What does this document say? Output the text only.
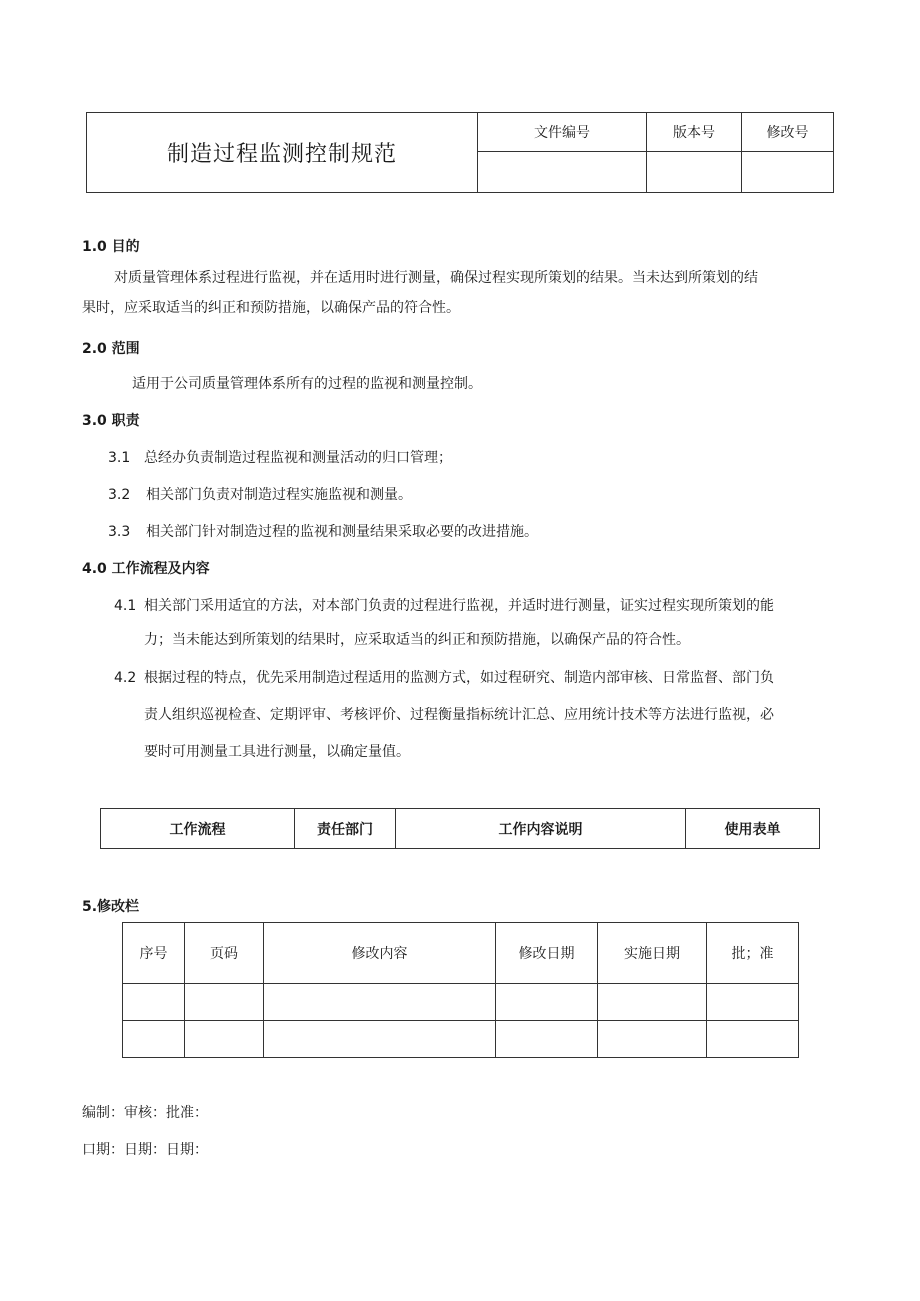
制造过程监测控制规范	文件编号	版本号	修改号

1.0 目的
对质量管理体系过程进行监视，并在适用时进行测量，确保过程实现所策划的结果。当未达到所策划的结
果时，应采取适当的纠正和预防措施，以确保产品的符合性。
2.0 范围
适用于公司质量管理体系所有的过程的监视和测量控制。
3.0 职责
3.1 总经办负责制造过程监视和测量活动的归口管理；
3.2 相关部门负责对制造过程实施监视和测量。
3.3 相关部门针对制造过程的监视和测量结果采取必要的改进措施。
4.0 工作流程及内容
4.1 相关部门采用适宜的方法，对本部门负责的过程进行监视，并适时进行测量，证实过程实现所策划的能
力；当未能达到所策划的结果时，应采取适当的纠正和预防措施，以确保产品的符合性。
4.2 根据过程的特点，优先采用制造过程适用的监测方式，如过程研究、制造内部审核、日常监督、部门负
责人组织巡视检查、定期评审、考核评价、过程衡量指标统计汇总、应用统计技术等方法进行监视，必
要时可用测量工具进行测量，以确定量值。
工作流程	责任部门	工作内容说明	使用表单
5.修改栏
序号	页码	修改内容	修改日期	实施日期	批；准

编制：审核：批准：
口期：日期：日期：
